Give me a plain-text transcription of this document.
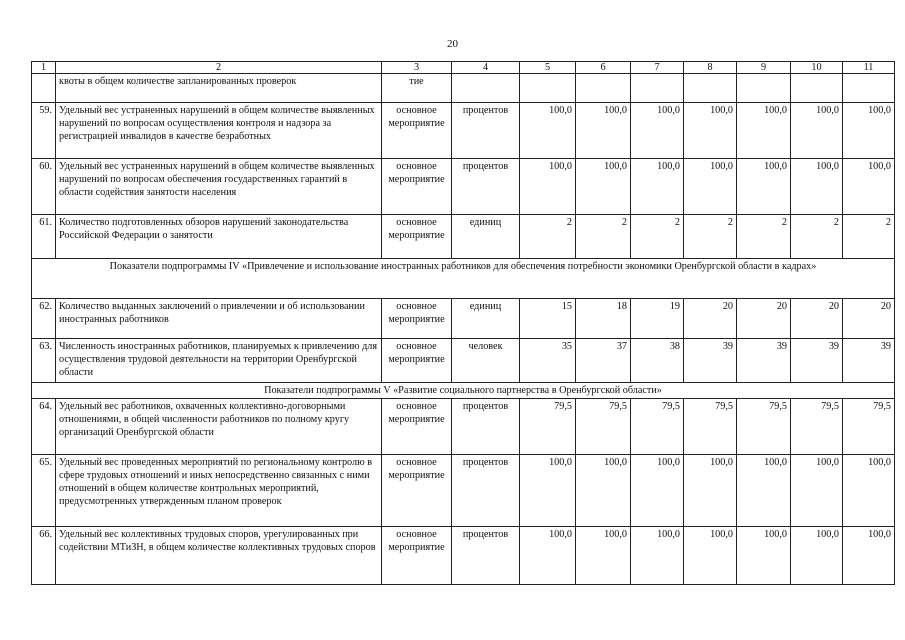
20
1	2	3	4	5	6	7	8	9	10	11
	квоты в общем количестве запланированных проверок	тие								
59.	Удельный вес устраненных нарушений в общем количестве выявленных нарушений по вопросам осуществления контроля и надзора за регистрацией инвалидов в качестве безработных	основное мероприятие	процентов	100,0	100,0	100,0	100,0	100,0	100,0	100,0
60.	Удельный вес устраненных нарушений в общем количестве выявленных нарушений по вопросам обеспечения государственных гарантий в области содействия занятости населения	основное мероприятие	процентов	100,0	100,0	100,0	100,0	100,0	100,0	100,0
61.	Количество подготовленных обзоров нарушений законодательства Российской Федерации о занятости	основное мероприятие	единиц	2	2	2	2	2	2	2
Показатели подпрограммы IV «Привлечение и использование иностранных работников для обеспечения потребности экономики Оренбургской области в кадрах»										
62.	Количество выданных заключений о привлечении и об использовании иностранных работников	основное мероприятие	единиц	15	18	19	20	20	20	20
63.	Численность иностранных работников, планируемых к привлечению для осуществления трудовой деятельности на территории Оренбургской области	основное мероприятие	человек	35	37	38	39	39	39	39
Показатели подпрограммы V «Развитие социального партнерства в Оренбургской области»										
64.	Удельный вес работников, охваченных коллективно-договорными отношениями, в общей численности работников по полному кругу организаций Оренбургской области	основное мероприятие	процентов	79,5	79,5	79,5	79,5	79,5	79,5	79,5
65.	Удельный вес проведенных мероприятий по региональному контролю в сфере трудовых отношений и иных непосредственно связанных с ними отношений в общем количестве контрольных мероприятий, предусмотренных утвержденным планом проверок	основное мероприятие	процентов	100,0	100,0	100,0	100,0	100,0	100,0	100,0
66.	Удельный вес коллективных трудовых споров, урегулированных при содействии МТиЗН, в общем количестве коллективных трудовых споров	основное мероприятие	процентов	100,0	100,0	100,0	100,0	100,0	100,0	100,0
